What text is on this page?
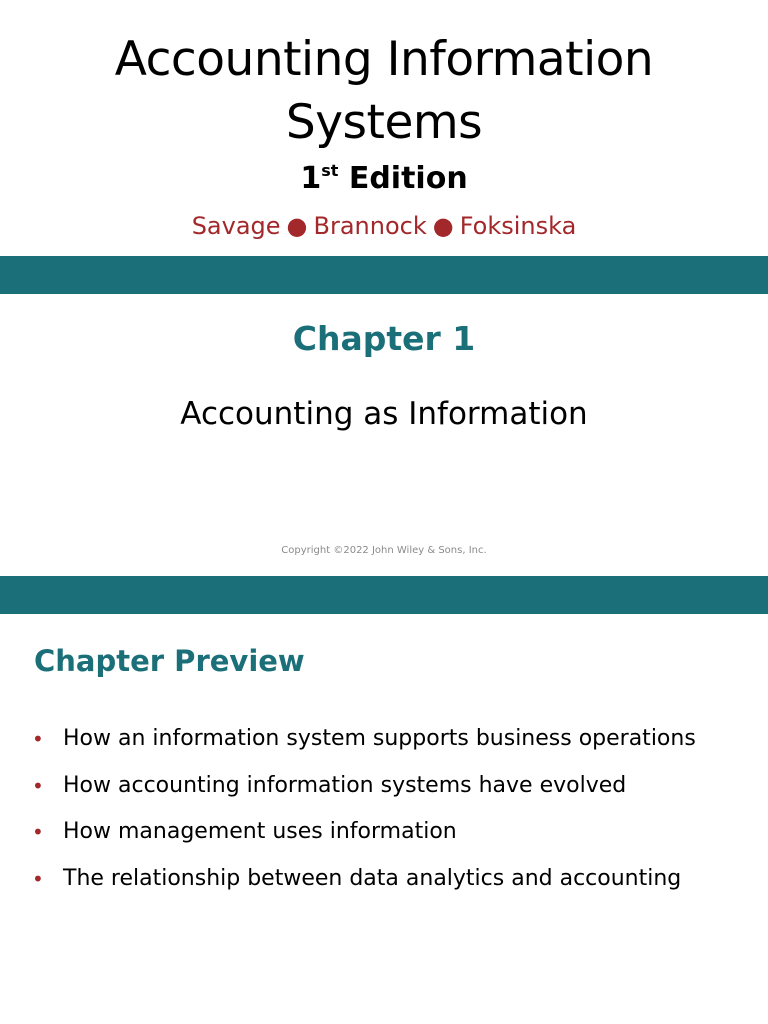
Accounting Information
Systems
1st Edition
Savage ● Brannock ● Foksinska
Chapter 1

Accounting as Information

Copyright ©2022 John Wiley & Sons, Inc.
Chapter Preview
• How an information system supports business operations
• How accounting information systems have evolved
• How management uses information
• The relationship between data analytics and accounting
